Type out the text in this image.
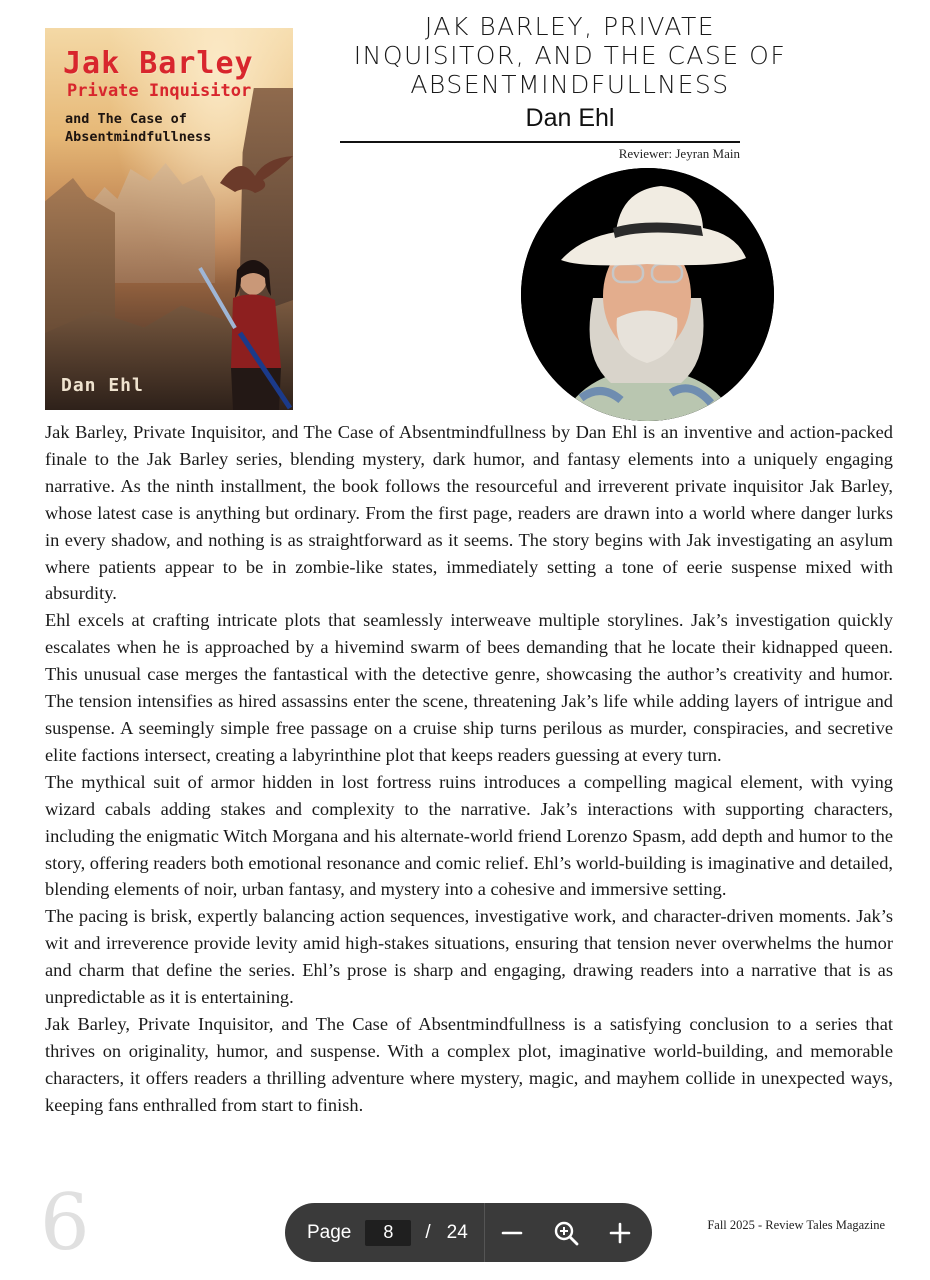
Jak Barley
Private Inquisitor
and The Case of Absentmindfullness
Dan Ehl
JAK BARLEY, PRIVATE INQUISITOR, AND THE CASE OF ABSENTMINDFULLNESS
Dan Ehl
Reviewer: Jeyran Main

Jak Barley, Private Inquisitor, and The Case of Absentmindfullness by Dan Ehl is an inventive and action-packed finale to the Jak Barley series, blending mystery, dark humor, and fantasy elements into a uniquely engaging narrative. As the ninth installment, the book follows the resourceful and irreverent private inquisitor Jak Barley, whose latest case is anything but ordinary. From the first page, readers are drawn into a world where danger lurks in every shadow, and nothing is as straightforward as it seems. The story begins with Jak investigating an asylum where patients appear to be in zombie-like states, immediately setting a tone of eerie suspense mixed with absurdity.

Ehl excels at crafting intricate plots that seamlessly interweave multiple storylines. Jak’s investigation quickly escalates when he is approached by a hivemind swarm of bees demanding that he locate their kidnapped queen. This unusual case merges the fantastical with the detective genre, showcasing the author’s creativity and humor. The tension intensifies as hired assassins enter the scene, threatening Jak’s life while adding layers of intrigue and suspense. A seemingly simple free passage on a cruise ship turns perilous as murder, conspiracies, and secretive elite factions intersect, creating a labyrinthine plot that keeps readers guessing at every turn.

The mythical suit of armor hidden in lost fortress ruins introduces a compelling magical element, with vying wizard cabals adding stakes and complexity to the narrative. Jak’s interactions with supporting characters, including the enigmatic Witch Morgana and his alternate-world friend Lorenzo Spasm, add depth and humor to the story, offering readers both emotional resonance and comic relief. Ehl’s world-building is imaginative and detailed, blending elements of noir, urban fantasy, and mystery into a cohesive and immersive setting.

The pacing is brisk, expertly balancing action sequences, investigative work, and character-driven moments. Jak’s wit and irreverence provide levity amid high-stakes situations, ensuring that tension never overwhelms the humor and charm that define the series. Ehl’s prose is sharp and engaging, drawing readers into a narrative that is as unpredictable as it is entertaining.

Jak Barley, Private Inquisitor, and The Case of Absentmindfullness is a satisfying conclusion to a series that thrives on originality, humor, and suspense. With a complex plot, imaginative world-building, and memorable characters, it offers readers a thrilling adventure where mystery, magic, and mayhem collide in unexpected ways, keeping fans enthralled from start to finish.

6	Fall 2025 - Review Tales Magazine
Page
8	/ 24
